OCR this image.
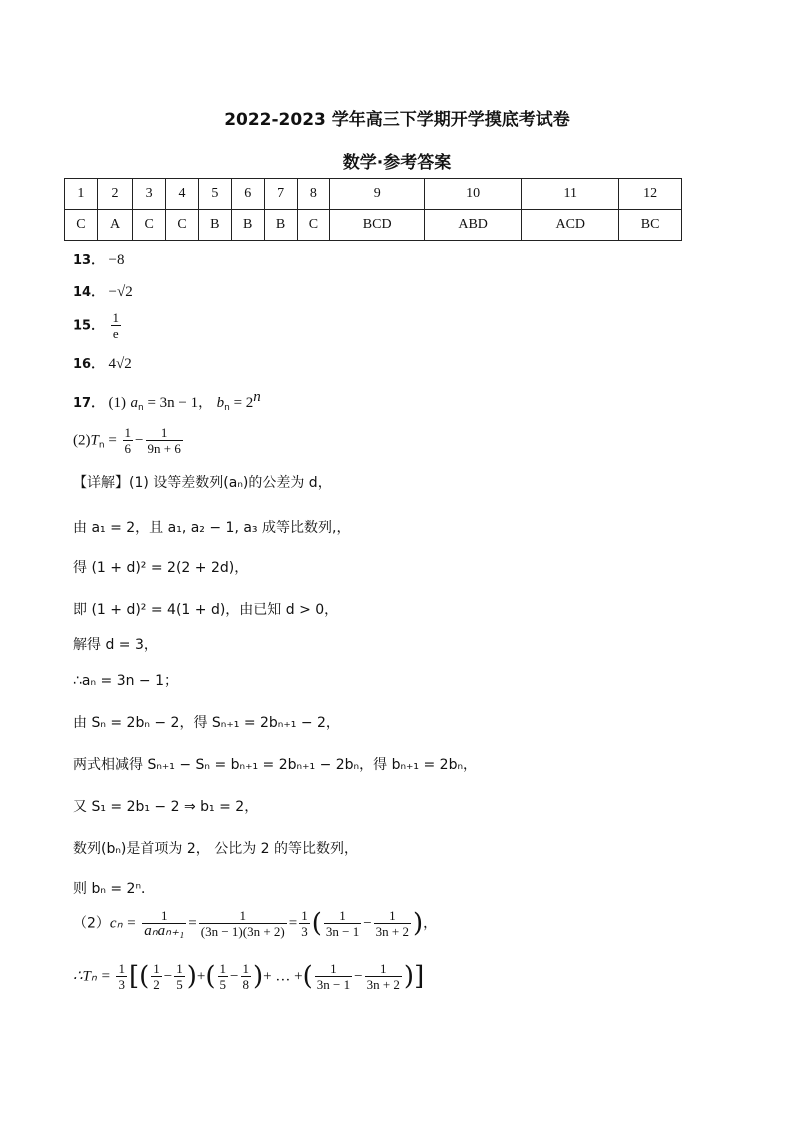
2022-2023 学年高三下学期开学摸底考试卷
数学·参考答案
1	2	3	4	5	6	7	8	9	10	11	12
C	A	C	C	B	B	B	C	BCD	ABD	ACD	BC
13． −8
14． −√2
15． $\frac{1}{e}$
16． 4√2
17． (1) $a_n = 3n - 1$， $b_n = 2^n$
$(2)T_n = \frac{1}{6} - \frac{1}{9n + 6}$
【详解】(1) 设等差数列(aₙ)的公差为 d，
由 a₁ = 2，且 a₁, a₂ − 1, a₃ 成等比数列,，
得 (1 + d)² = 2(2 + 2d)，
即 (1 + d)² = 4(1 + d)，由已知 d > 0，
解得 d = 3，
∴aₙ = 3n − 1；
由 Sₙ = 2bₙ − 2，得 Sₙ₊₁ = 2bₙ₊₁ − 2，
两式相减得 Sₙ₊₁ − Sₙ = bₙ₊₁ = 2bₙ₊₁ − 2bₙ，得 bₙ₊₁ = 2bₙ，
又 S₁ = 2b₁ − 2 ⇒ b₁ = 2，
数列(bₙ)是首项为 2， 公比为 2 的等比数列，
则 bₙ = 2ⁿ．
$(2)c_n = \frac{1}{\text{aₙaₙ₊₁}} = \frac{1}{(3n - 1)(3n + 2)} = \frac{1}{3}$ ( $\frac{1}{3n - 1} - \frac{1}{3n + 2}$ )，
∴Tₙ = $\frac{1}{3}$ [( $\frac{1}{2} - \frac{1}{5}$ )+( $\frac{1}{5} - \frac{1}{8}$ )+ … +( $\frac{1}{3n - 1} - \frac{1}{3n + 2}$ )]
